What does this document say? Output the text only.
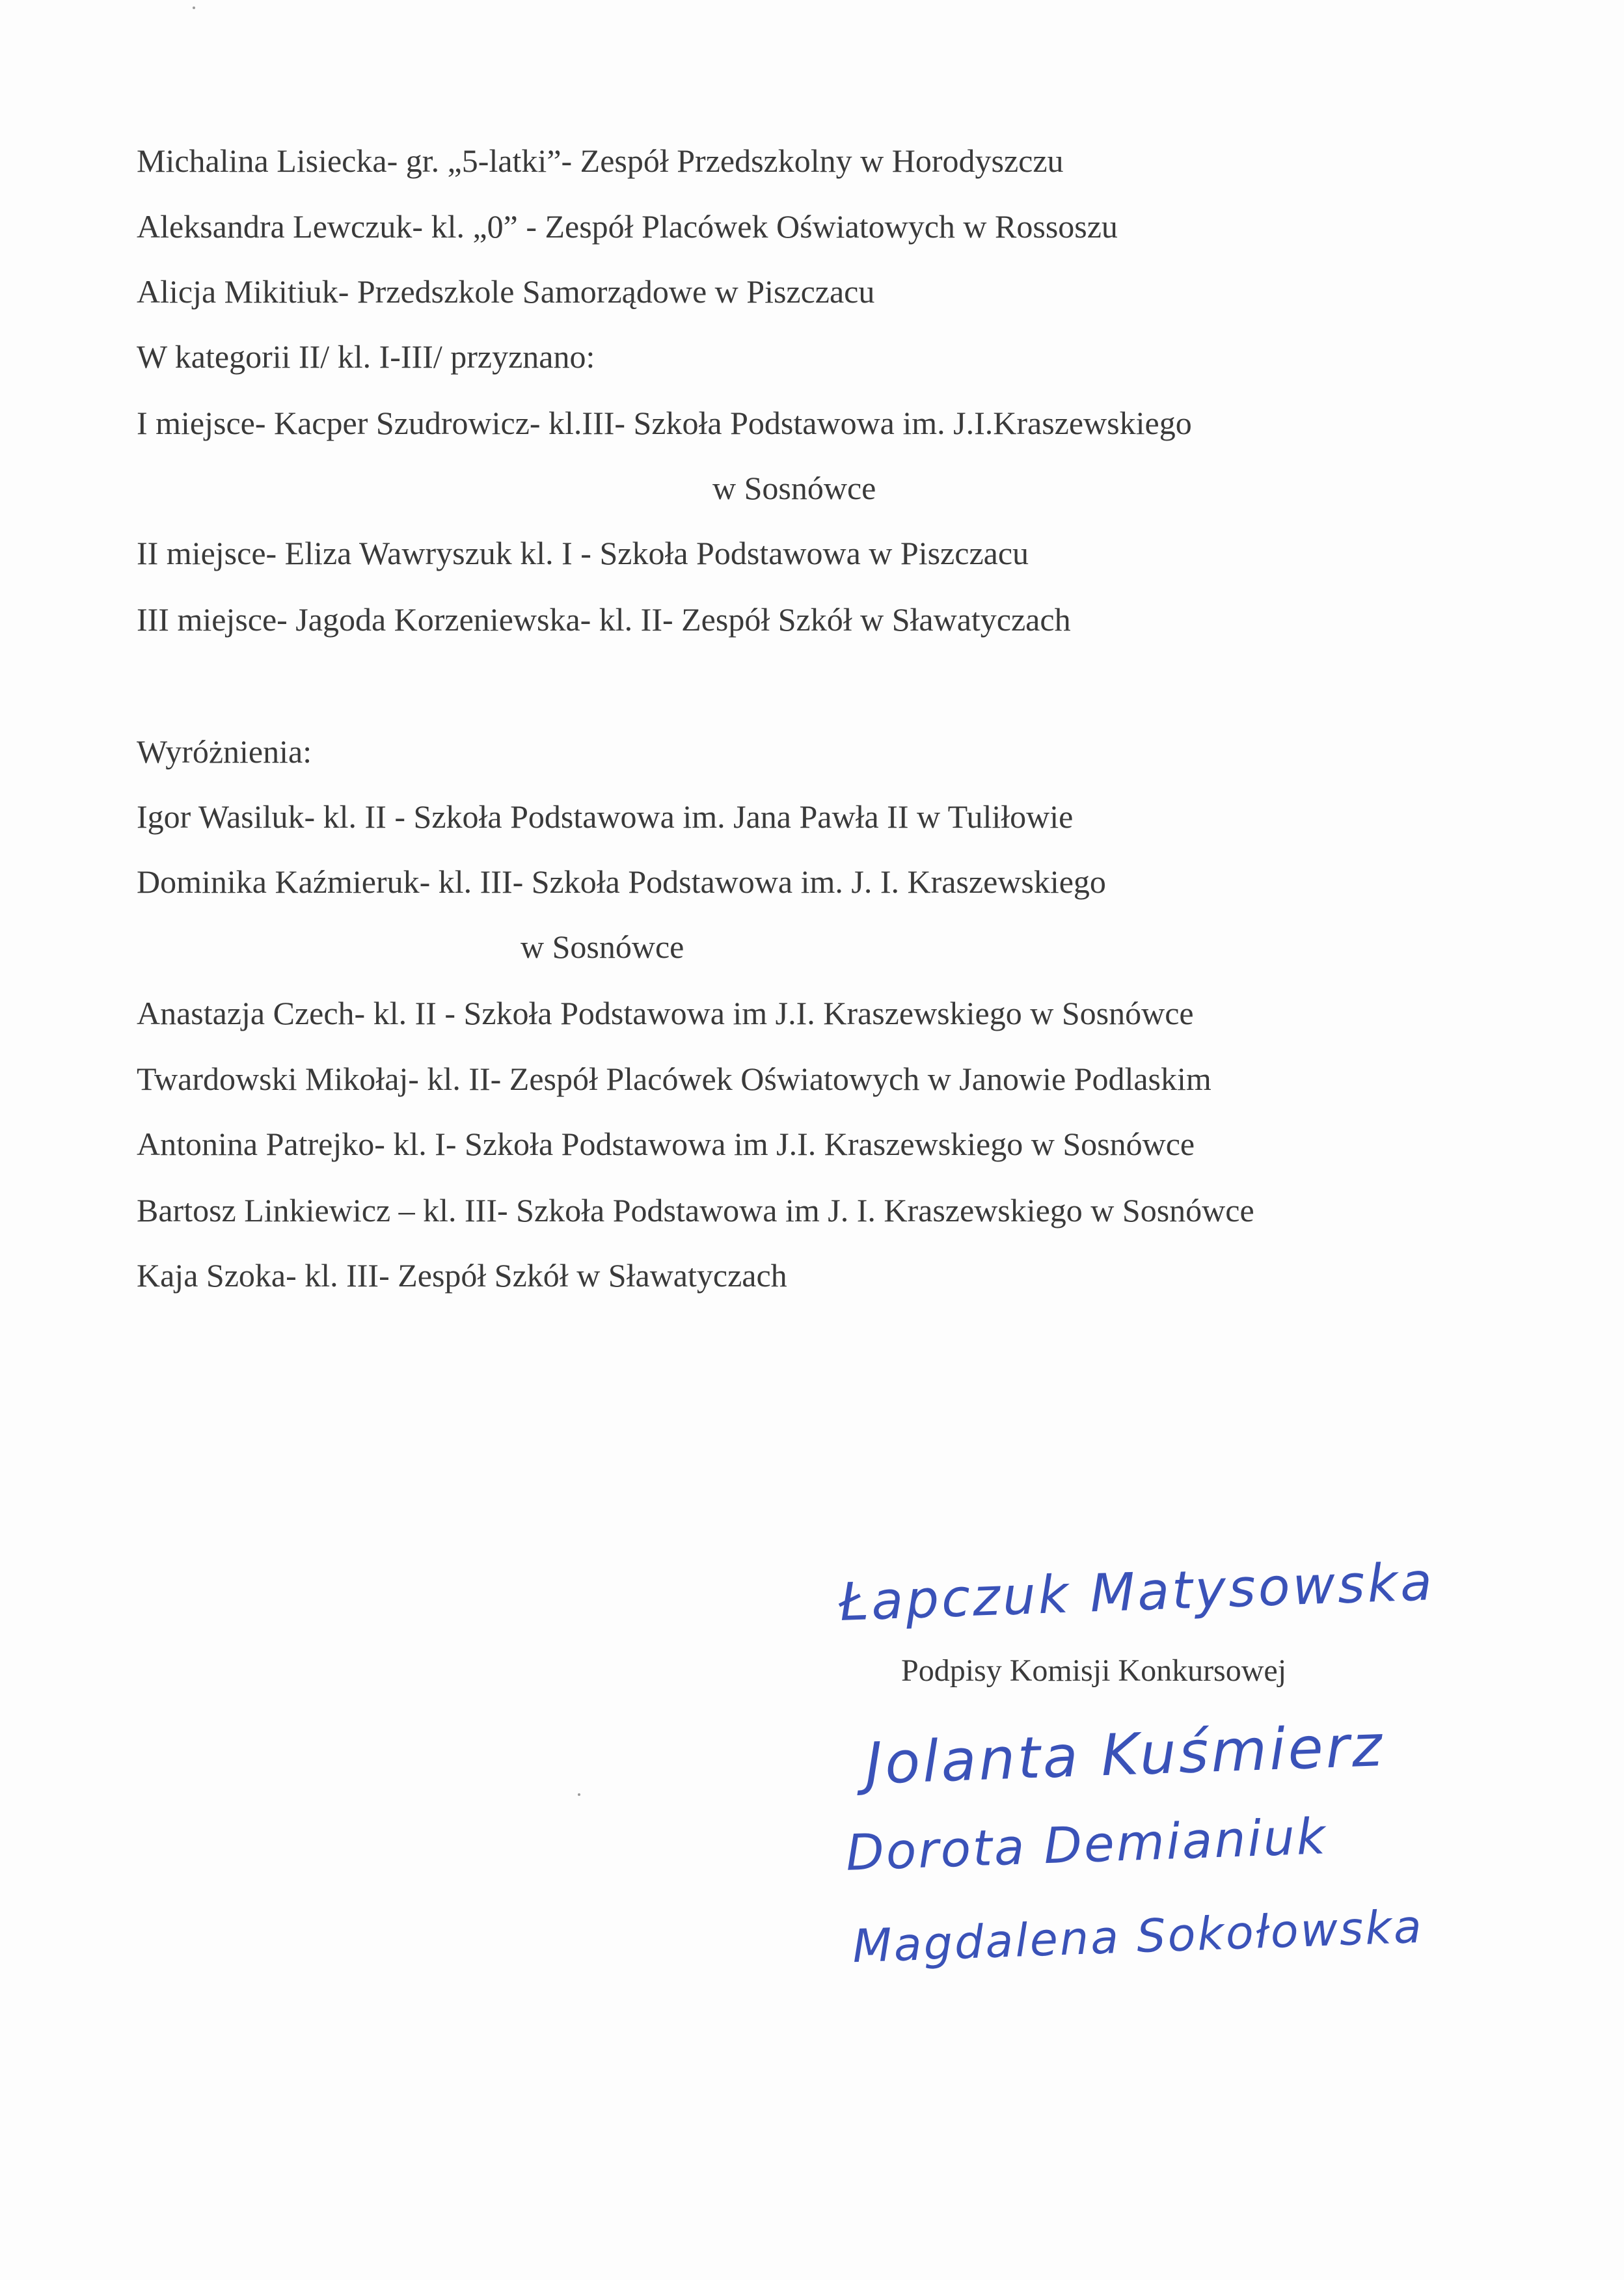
Michalina Lisiecka- gr. „5-latki”- Zespół Przedszkolny w Horodyszczu
Aleksandra Lewczuk- kl. „0” - Zespół Placówek Oświatowych w Rossoszu
Alicja Mikitiuk- Przedszkole Samorządowe w Piszczacu
W kategorii II/ kl. I-III/ przyznano:
I miejsce- Kacper Szudrowicz- kl.III- Szkoła Podstawowa im. J.I.Kraszewskiego
w Sosnówce
II miejsce- Eliza Wawryszuk kl. I - Szkoła Podstawowa w Piszczacu
III miejsce- Jagoda Korzeniewska- kl. II- Zespół Szkół w Sławatyczach
Wyróżnienia:
Igor Wasiluk- kl. II - Szkoła Podstawowa im. Jana Pawła II w Tuliłowie
Dominika Kaźmieruk- kl. III- Szkoła Podstawowa im. J. I. Kraszewskiego
w Sosnówce
Anastazja Czech- kl. II - Szkoła Podstawowa im J.I. Kraszewskiego w Sosnówce
Twardowski Mikołaj- kl. II- Zespół Placówek Oświatowych w Janowie Podlaskim
Antonina Patrejko- kl. I- Szkoła Podstawowa im J.I. Kraszewskiego w Sosnówce
Bartosz Linkiewicz – kl. III- Szkoła Podstawowa im J. I. Kraszewskiego w Sosnówce
Kaja Szoka- kl. III- Zespół Szkół w Sławatyczach
Łapczuk Matysowska
Podpisy Komisji Konkursowej
Jolanta Kuśmierz
Dorota Demianiuk
Magdalena Sokołowska
